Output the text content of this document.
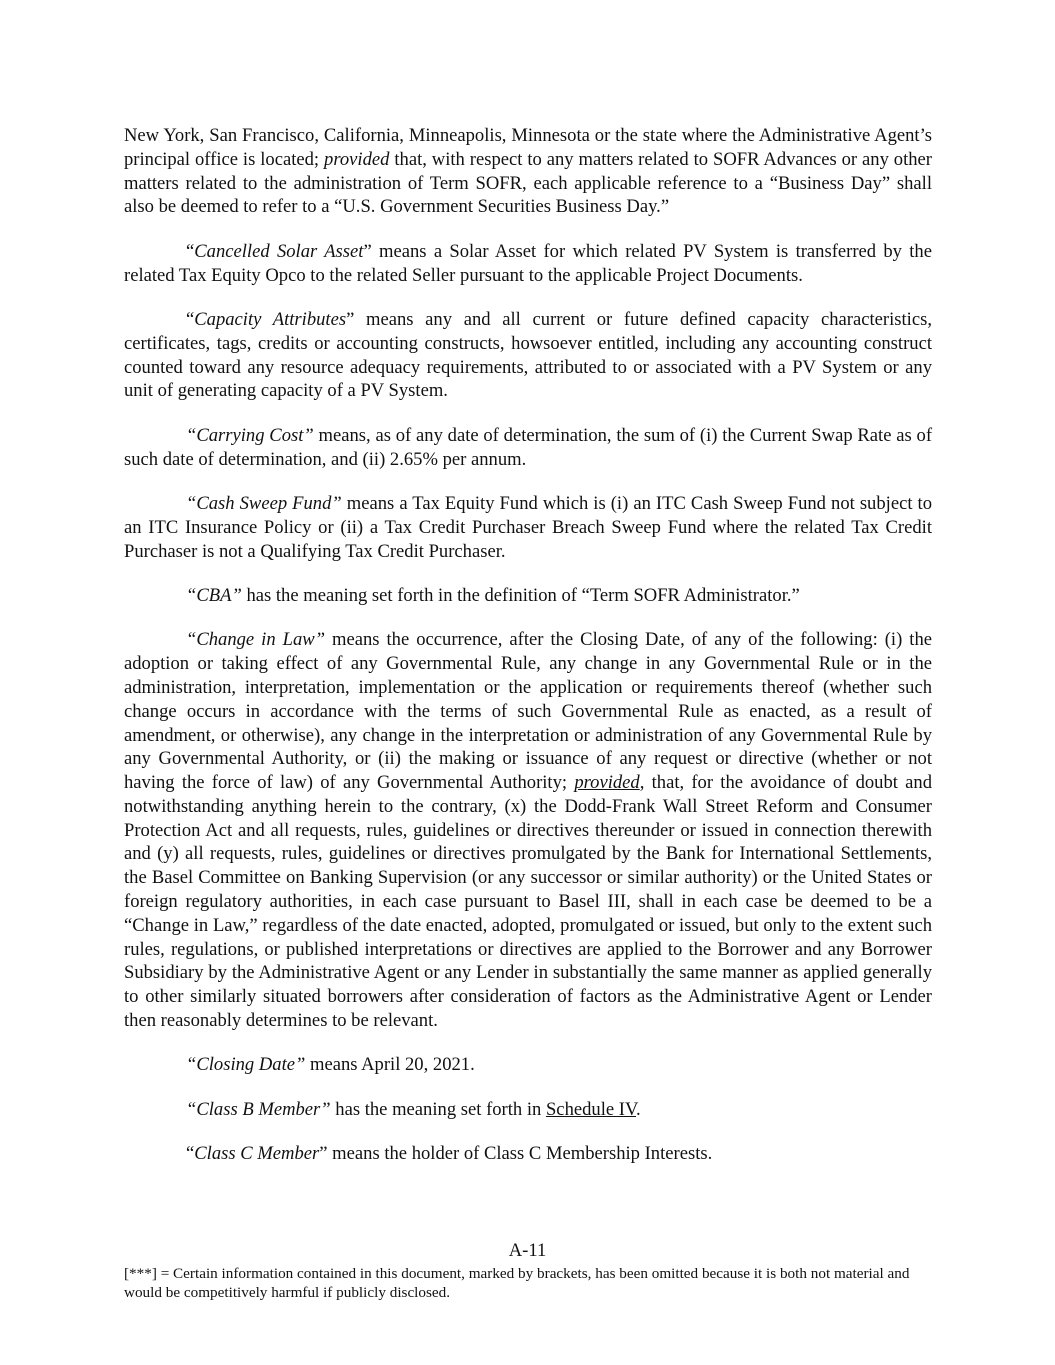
New York, San Francisco, California, Minneapolis, Minnesota or the state where the Administrative Agent’s principal office is located; provided that, with respect to any matters related to SOFR Advances or any other matters related to the administration of Term SOFR, each applicable reference to a “Business Day” shall also be deemed to refer to a “U.S. Government Securities Business Day.”

“Cancelled Solar Asset” means a Solar Asset for which related PV System is transferred by the related Tax Equity Opco to the related Seller pursuant to the applicable Project Documents.

“Capacity Attributes” means any and all current or future defined capacity characteristics, certificates, tags, credits or accounting constructs, howsoever entitled, including any accounting construct counted toward any resource adequacy requirements, attributed to or associated with a PV System or any unit of generating capacity of a PV System.

“Carrying Cost” means, as of any date of determination, the sum of (i) the Current Swap Rate as of such date of determination, and (ii) 2.65% per annum.

“Cash Sweep Fund” means a Tax Equity Fund which is (i) an ITC Cash Sweep Fund not subject to an ITC Insurance Policy or (ii) a Tax Credit Purchaser Breach Sweep Fund where the related Tax Credit Purchaser is not a Qualifying Tax Credit Purchaser.

“CBA” has the meaning set forth in the definition of “Term SOFR Administrator.”

“Change in Law” means the occurrence, after the Closing Date, of any of the following: (i) the adoption or taking effect of any Governmental Rule, any change in any Governmental Rule or in the administration, interpretation, implementation or the application or requirements thereof (whether such change occurs in accordance with the terms of such Governmental Rule as enacted, as a result of amendment, or otherwise), any change in the interpretation or administration of any Governmental Rule by any Governmental Authority, or (ii) the making or issuance of any request or directive (whether or not having the force of law) of any Governmental Authority; provided, that, for the avoidance of doubt and notwithstanding anything herein to the contrary, (x) the Dodd-Frank Wall Street Reform and Consumer Protection Act and all requests, rules, guidelines or directives thereunder or issued in connection therewith and (y) all requests, rules, guidelines or directives promulgated by the Bank for International Settlements, the Basel Committee on Banking Supervision (or any successor or similar authority) or the United States or foreign regulatory authorities, in each case pursuant to Basel III, shall in each case be deemed to be a “Change in Law,” regardless of the date enacted, adopted, promulgated or issued, but only to the extent such rules, regulations, or published interpretations or directives are applied to the Borrower and any Borrower Subsidiary by the Administrative Agent or any Lender in substantially the same manner as applied generally to other similarly situated borrowers after consideration of factors as the Administrative Agent or Lender then reasonably determines to be relevant.

“Closing Date” means April 20, 2021.

“Class B Member” has the meaning set forth in Schedule IV.

“Class C Member” means the holder of Class C Membership Interests.

A-11
[***] = Certain information contained in this document, marked by brackets, has been omitted because it is both not material and would be competitively harmful if publicly disclosed.
